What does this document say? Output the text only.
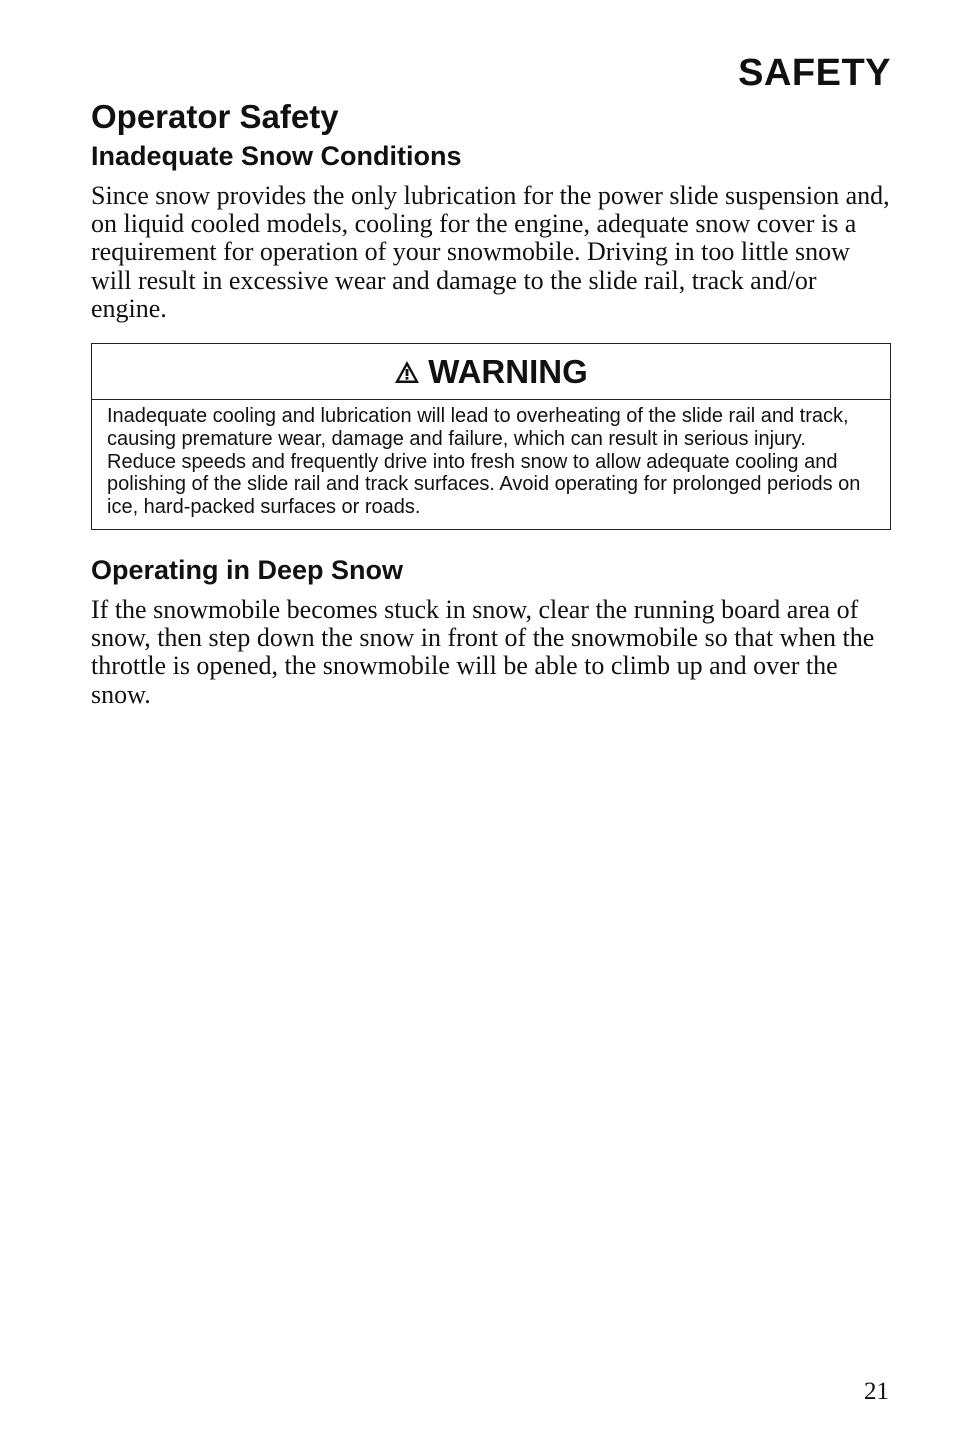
SAFETY
Operator Safety
Inadequate Snow Conditions

Since snow provides the only lubrication for the power slide suspension and, on liquid cooled models, cooling for the engine, adequate snow cover is a requirement for operation of your snowmobile. Driving in too little snow will result in excessive wear and damage to the slide rail, track and/or engine.

WARNING
Inadequate cooling and lubrication will lead to overheating of the slide rail and track, causing premature wear, damage and failure, which can result in serious injury. Reduce speeds and frequently drive into fresh snow to allow adequate cooling and polishing of the slide rail and track surfaces. Avoid operating for prolonged periods on ice, hard-packed surfaces or roads.
Operating in Deep Snow

If the snowmobile becomes stuck in snow, clear the running board area of snow, then step down the snow in front of the snowmobile so that when the throttle is opened, the snowmobile will be able to climb up and over the snow.

21
